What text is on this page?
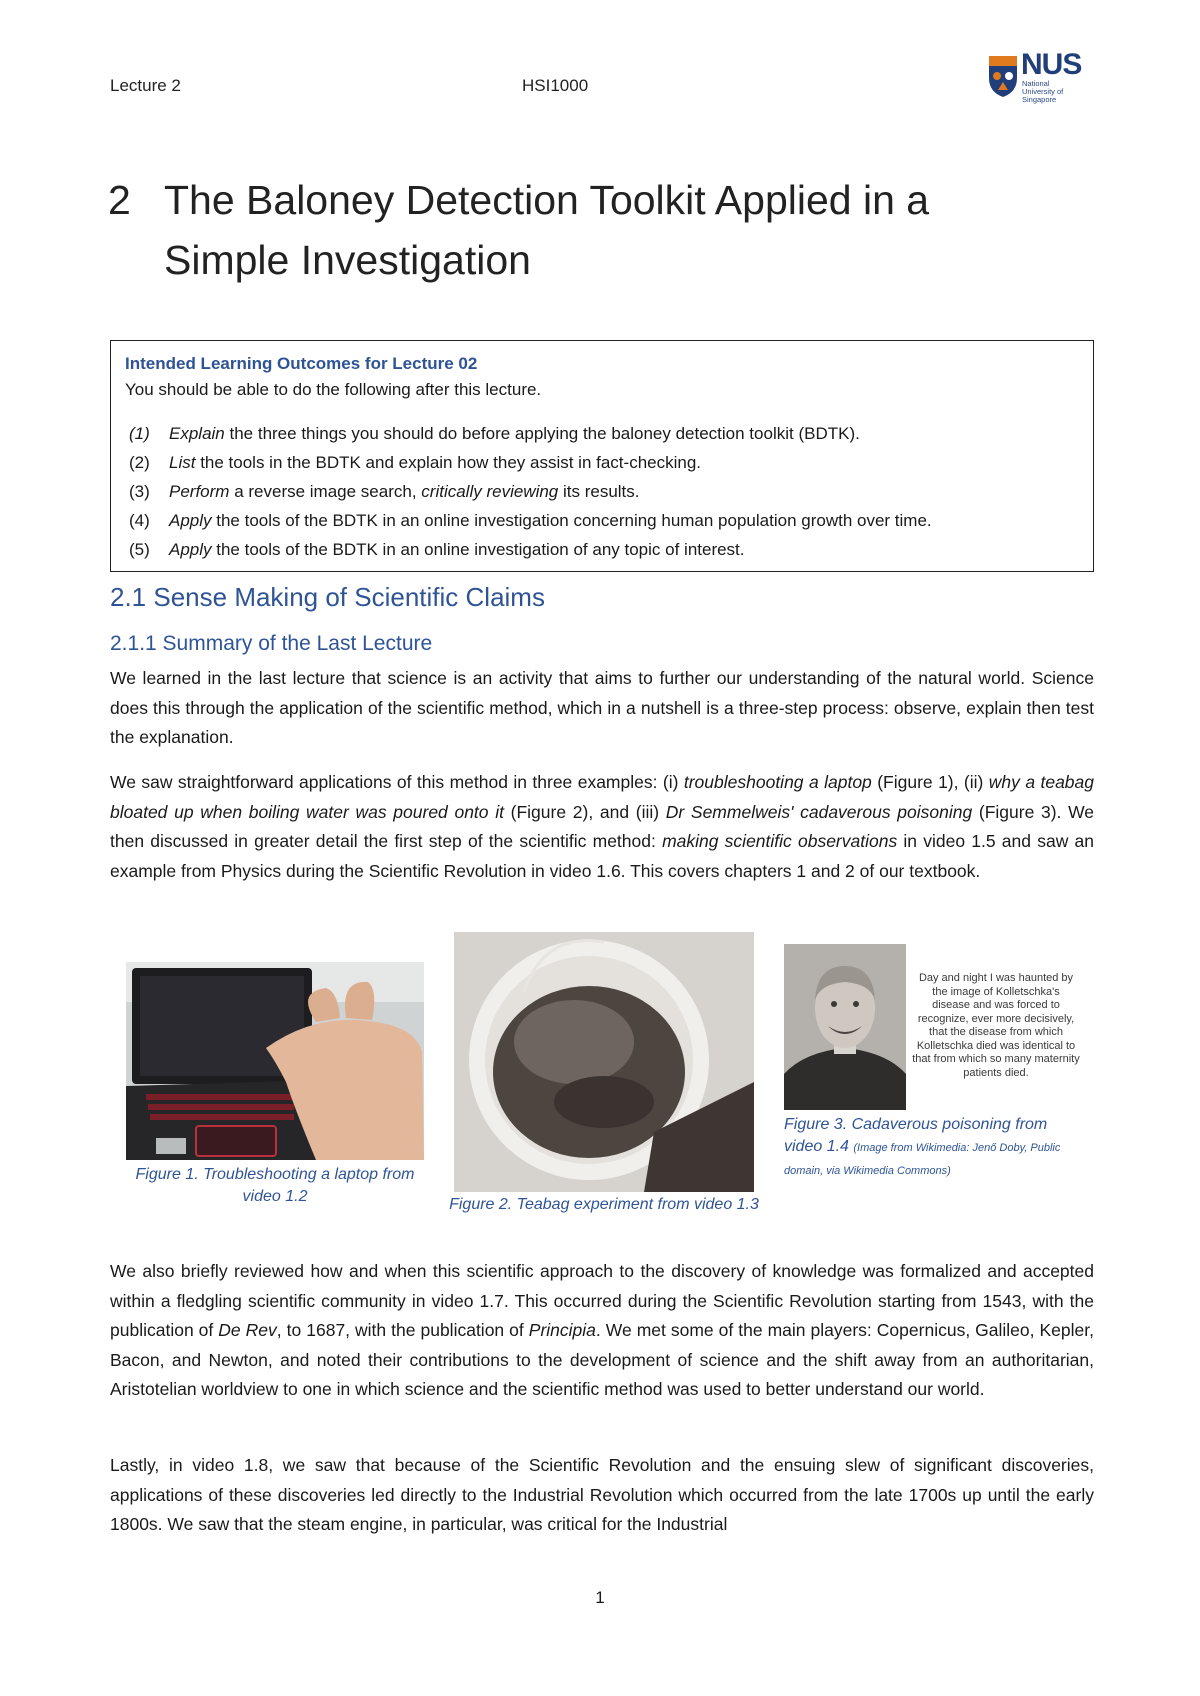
Lecture 2	HSI1000
NUS
National University of Singapore
2 The Baloney Detection Toolkit Applied in a Simple Investigation
Intended Learning Outcomes for Lecture 02
You should be able to do the following after this lecture.
(1) Explain the three things you should do before applying the baloney detection toolkit (BDTK).
(2) List the tools in the BDTK and explain how they assist in fact-checking.
(3) Perform a reverse image search, critically reviewing its results.
(4) Apply the tools of the BDTK in an online investigation concerning human population growth over time.
(5) Apply the tools of the BDTK in an online investigation of any topic of interest.
2.1 Sense Making of Scientific Claims
2.1.1 Summary of the Last Lecture

We learned in the last lecture that science is an activity that aims to further our understanding of the natural world. Science does this through the application of the scientific method, which in a nutshell is a three-step process: observe, explain then test the explanation.

We saw straightforward applications of this method in three examples: (i) troubleshooting a laptop (Figure 1), (ii) why a teabag bloated up when boiling water was poured onto it (Figure 2), and (iii) Dr Semmelweis' cadaverous poisoning (Figure 3). We then discussed in greater detail the first step of the scientific method: making scientific observations in video 1.5 and saw an example from Physics during the Scientific Revolution in video 1.6. This covers chapters 1 and 2 of our textbook.

Figure 1. Troubleshooting a laptop from video 1.2	Figure 2. Teabag experiment from video 1.3
Day and night I was haunted by the image of Kolletschka's disease and was forced to recognize, ever more decisively, that the disease from which Kolletschka died was identical to that from which so many maternity patients died.
Figure 3. Cadaverous poisoning from video 1.4 (Image from Wikimedia: Jenő Doby, Public domain, via Wikimedia Commons)

We also briefly reviewed how and when this scientific approach to the discovery of knowledge was formalized and accepted within a fledgling scientific community in video 1.7. This occurred during the Scientific Revolution starting from 1543, with the publication of De Rev, to 1687, with the publication of Principia. We met some of the main players: Copernicus, Galileo, Kepler, Bacon, and Newton, and noted their contributions to the development of science and the shift away from an authoritarian, Aristotelian worldview to one in which science and the scientific method was used to better understand our world.

Lastly, in video 1.8, we saw that because of the Scientific Revolution and the ensuing slew of significant discoveries, applications of these discoveries led directly to the Industrial Revolution which occurred from the late 1700s up until the early 1800s. We saw that the steam engine, in particular, was critical for the Industrial

1
